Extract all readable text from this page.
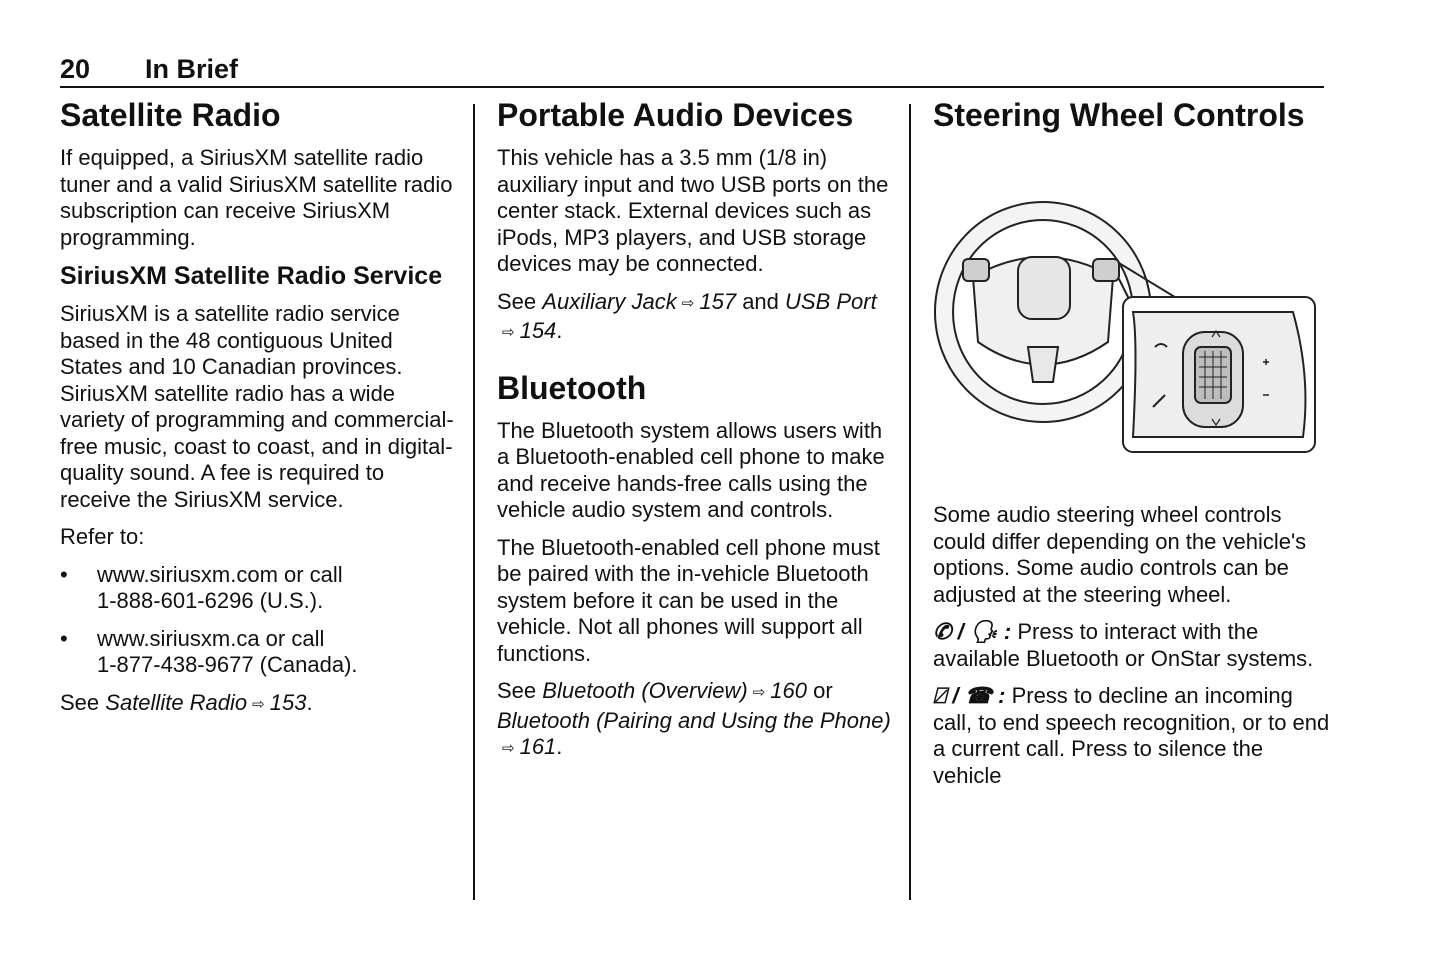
20 In Brief
Satellite Radio

If equipped, a SiriusXM satellite radio tuner and a valid SiriusXM satellite radio subscription can receive SiriusXM programming.

SiriusXM Satellite Radio Service

SiriusXM is a satellite radio service based in the 48 contiguous United States and 10 Canadian provinces. SiriusXM satellite radio has a wide variety of programming and commercial-free music, coast to coast, and in digital-quality sound. A fee is required to receive the SiriusXM service.

Refer to:

• www.siriusxm.com or call
1-888-601-6296 (U.S.).
• www.siriusxm.ca or call
1-877-438-9677 (Canada).

See Satellite Radio ⇨ 153.

Portable Audio Devices

This vehicle has a 3.5 mm (1/8 in) auxiliary input and two USB ports on the center stack. External devices such as iPods, MP3 players, and USB storage devices may be connected.

See Auxiliary Jack ⇨ 157 and USB Port⇨ 154.

Bluetooth

The Bluetooth system allows users with a Bluetooth-enabled cell phone to make and receive hands-free calls using the vehicle audio system and controls.

The Bluetooth-enabled cell phone must be paired with the in-vehicle Bluetooth system before it can be used in the vehicle. Not all phones will support all functions.

See Bluetooth (Overview) ⇨ 160 or Bluetooth (Pairing and Using the Phone)⇨ 161.

Steering Wheel Controls

Some audio steering wheel controls could differ depending on the vehicle's options. Some audio controls can be adjusted at the steering wheel.

✆ / 🗣︎ : Press to interact with the available Bluetooth or OnStar systems.

⍁ / ☎ : Press to decline an incoming call, to end speech recognition, or to end a current call. Press to silence the vehicle
